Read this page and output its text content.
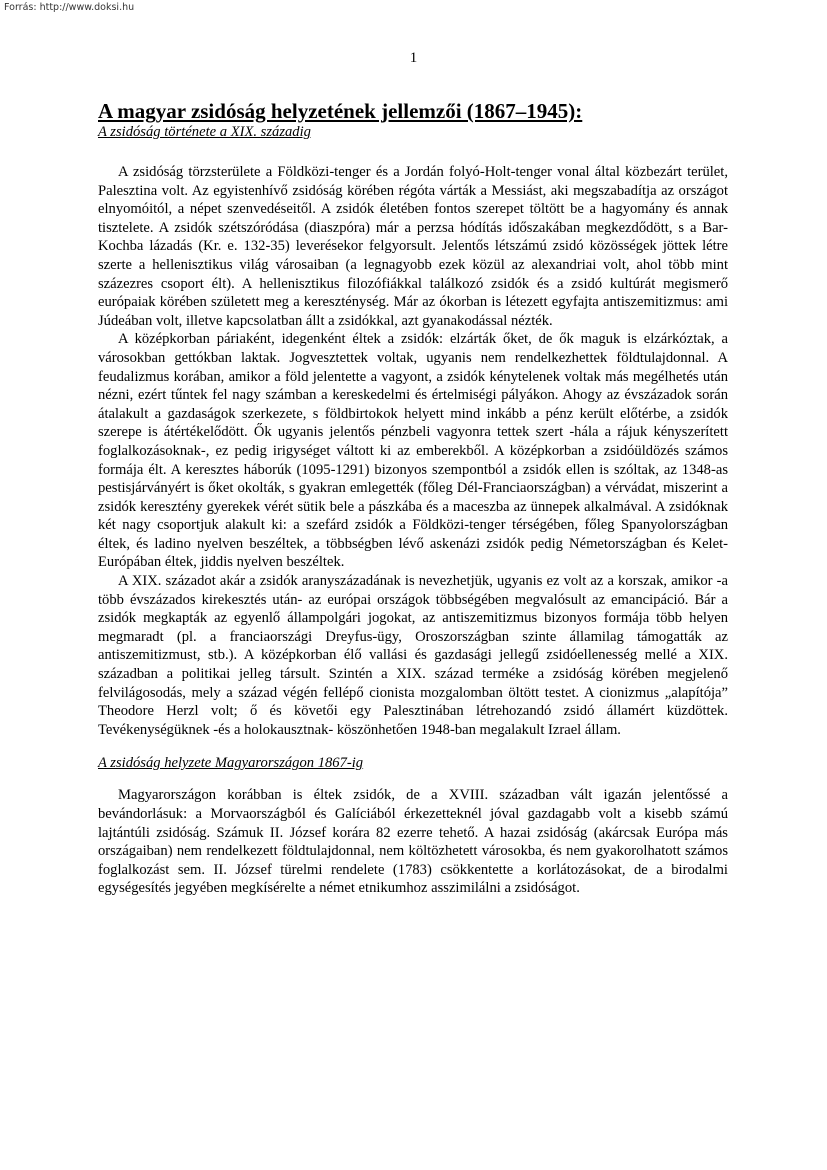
Forrás: http://www.doksi.hu
1
A magyar zsidóság helyzetének jellemzői (1867–1945):
A zsidóság története a XIX. századig

A zsidóság törzsterülete a Földközi-tenger és a Jordán folyó-Holt-tenger vonal által közbezárt terület, Palesztina volt. Az egyistenhívő zsidóság körében régóta várták a Messiást, aki megszabadítja az országot elnyomóitól, a népet szenvedéseitől. A zsidók életében fontos szerepet töltött be a hagyomány és annak tisztelete. A zsidók szétszóródása (diaszpóra) már a perzsa hódítás időszakában megkezdődött, s a Bar-Kochba lázadás (Kr. e. 132-35) leverésekor felgyorsult. Jelentős létszámú zsidó közösségek jöttek létre szerte a hellenisztikus világ városaiban (a legnagyobb ezek közül az alexandriai volt, ahol több mint százezres csoport élt). A hellenisztikus filozófiákkal találkozó zsidók és a zsidó kultúrát megismerő európaiak körében született meg a kereszténység. Már az ókorban is létezett egyfajta antiszemitizmus: ami Júdeában volt, illetve kapcsolatban állt a zsidókkal, azt gyanakodással nézték.

A középkorban páriaként, idegenként éltek a zsidók: elzárták őket, de ők maguk is elzárkóztak, a városokban gettókban laktak. Jogvesztettek voltak, ugyanis nem rendelkezhettek földtulajdonnal. A feudalizmus korában, amikor a föld jelentette a vagyont, a zsidók kénytelenek voltak más megélhetés után nézni, ezért tűntek fel nagy számban a kereskedelmi és értelmiségi pályákon. Ahogy az évszázadok során átalakult a gazdaságok szerkezete, s földbirtokok helyett mind inkább a pénz került előtérbe, a zsidók szerepe is átértékelődött. Ők ugyanis jelentős pénzbeli vagyonra tettek szert -hála a rájuk kényszerített foglalkozásoknak-, ez pedig irigységet váltott ki az emberekből. A középkorban a zsidóüldözés számos formája élt. A keresztes háborúk (1095-1291) bizonyos szempontból a zsidók ellen is szóltak, az 1348-as pestisjárványért is őket okolták, s gyakran emlegették (főleg Dél-Franciaországban) a vérvádat, miszerint a zsidók keresztény gyerekek vérét sütik bele a pászkába és a maceszba az ünnepek alkalmával. A zsidóknak két nagy csoportjuk alakult ki: a szefárd zsidók a Földközi-tenger térségében, főleg Spanyolországban éltek, és ladino nyelven beszéltek, a többségben lévő askenázi zsidók pedig Németországban és Kelet-Európában éltek, jiddis nyelven beszéltek.

A XIX. századot akár a zsidók aranyszázadának is nevezhetjük, ugyanis ez volt az a korszak, amikor -a több évszázados kirekesztés után- az európai országok többségében megvalósult az emancipáció. Bár a zsidók megkapták az egyenlő állampolgári jogokat, az antiszemitizmus bizonyos formája több helyen megmaradt (pl. a franciaországi Dreyfus-ügy, Oroszországban szinte államilag támogatták az antiszemitizmust, stb.). A középkorban élő vallási és gazdasági jellegű zsidóellenesség mellé a XIX. században a politikai jelleg társult. Szintén a XIX. század terméke a zsidóság körében megjelenő felvilágosodás, mely a század végén fellépő cionista mozgalomban öltött testet. A cionizmus „alapítója” Theodore Herzl volt; ő és követői egy Palesztinában létrehozandó zsidó államért küzdöttek. Tevékenységüknek -és a holokausztnak- köszönhetően 1948-ban megalakult Izrael állam.

A zsidóság helyzete Magyarországon 1867-ig

Magyarországon korábban is éltek zsidók, de a XVIII. században vált igazán jelentőssé a bevándorlásuk: a Morvaországból és Galíciából érkezetteknél jóval gazdagabb volt a kisebb számú lajtántúli zsidóság. Számuk II. József korára 82 ezerre tehető. A hazai zsidóság (akárcsak Európa más országaiban) nem rendelkezett földtulajdonnal, nem költözhetett városokba, és nem gyakorolhatott számos foglalkozást sem. II. József türelmi rendelete (1783) csökkentette a korlátozásokat, de a birodalmi egységesítés jegyében megkísérelte a német etnikumhoz asszimilálni a zsidóságot.
